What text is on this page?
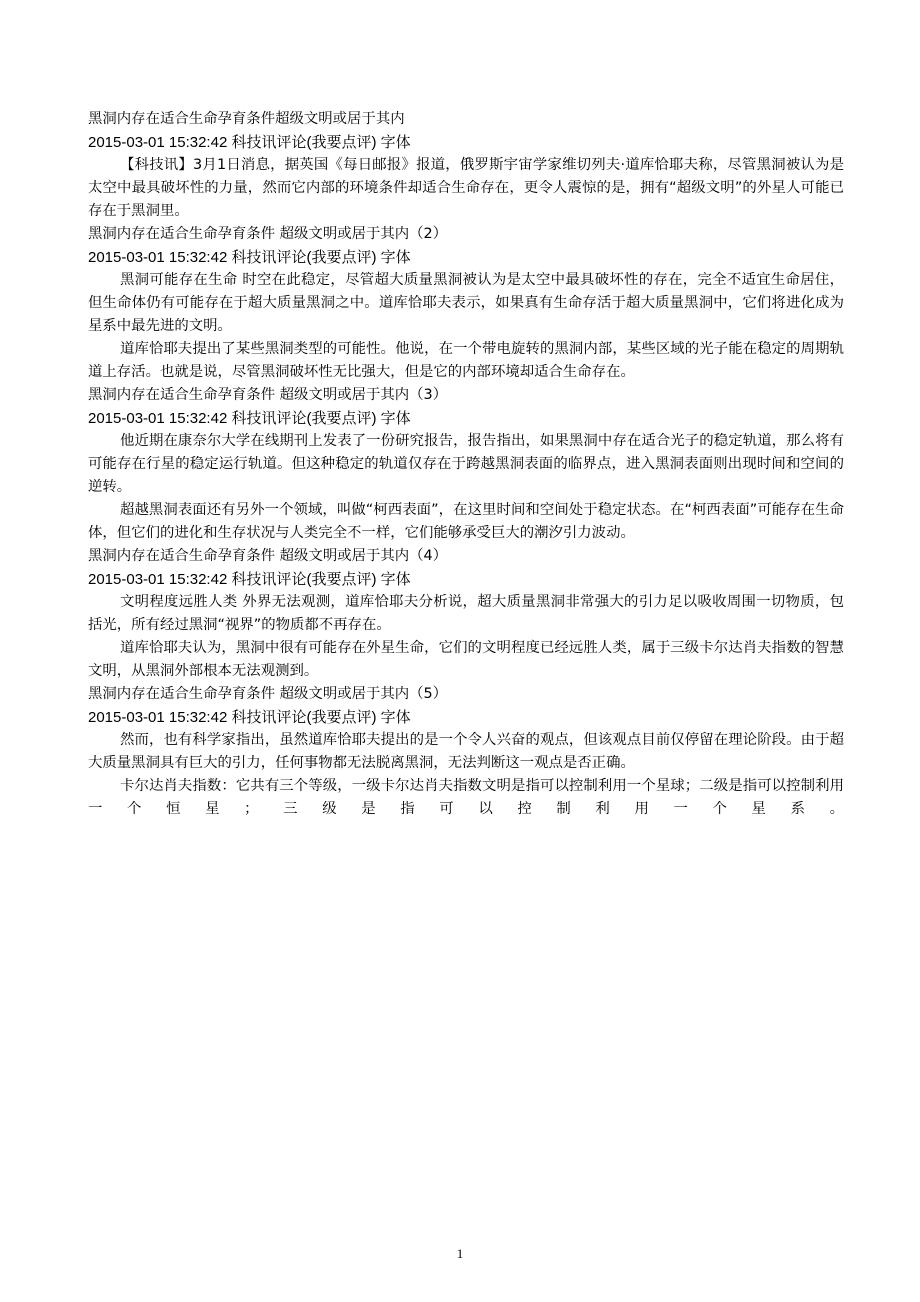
黑洞内存在适合生命孕育条件超级文明或居于其内
2015-03-01 15:32:42 科技讯评论(我要点评) 字体

【科技讯】3月1日消息，据英国《每日邮报》报道，俄罗斯宇宙学家维切列夫·道库恰耶夫称，尽管黑洞被认为是太空中最具破坏性的力量，然而它内部的环境条件却适合生命存在，更令人震惊的是，拥有“超级文明”的外星人可能已存在于黑洞里。

黑洞内存在适合生命孕育条件 超级文明或居于其内（2）
2015-03-01 15:32:42 科技讯评论(我要点评) 字体

黑洞可能存在生命 时空在此稳定，尽管超大质量黑洞被认为是太空中最具破坏性的存在，完全不适宜生命居住，但生命体仍有可能存在于超大质量黑洞之中。道库恰耶夫表示，如果真有生命存活于超大质量黑洞中，它们将进化成为星系中最先进的文明。

道库恰耶夫提出了某些黑洞类型的可能性。他说，在一个带电旋转的黑洞内部，某些区域的光子能在稳定的周期轨道上存活。也就是说，尽管黑洞破坏性无比强大，但是它的内部环境却适合生命存在。

黑洞内存在适合生命孕育条件 超级文明或居于其内（3）
2015-03-01 15:32:42 科技讯评论(我要点评) 字体

他近期在康奈尔大学在线期刊上发表了一份研究报告，报告指出，如果黑洞中存在适合光子的稳定轨道，那么将有可能存在行星的稳定运行轨道。但这种稳定的轨道仅存在于跨越黑洞表面的临界点，进入黑洞表面则出现时间和空间的逆转。

超越黑洞表面还有另外一个领域，叫做“柯西表面”，在这里时间和空间处于稳定状态。在“柯西表面”可能存在生命体，但它们的进化和生存状况与人类完全不一样，它们能够承受巨大的潮汐引力波动。

黑洞内存在适合生命孕育条件 超级文明或居于其内（4）
2015-03-01 15:32:42 科技讯评论(我要点评) 字体

文明程度远胜人类 外界无法观测，道库恰耶夫分析说，超大质量黑洞非常强大的引力足以吸收周围一切物质，包括光，所有经过黑洞“视界”的物质都不再存在。

道库恰耶夫认为，黑洞中很有可能存在外星生命，它们的文明程度已经远胜人类，属于三级卡尔达肖夫指数的智慧文明，从黑洞外部根本无法观测到。

黑洞内存在适合生命孕育条件 超级文明或居于其内（5）
2015-03-01 15:32:42 科技讯评论(我要点评) 字体

然而，也有科学家指出，虽然道库恰耶夫提出的是一个令人兴奋的观点，但该观点目前仅停留在理论阶段。由于超大质量黑洞具有巨大的引力，任何事物都无法脱离黑洞，无法判断这一观点是否正确。

卡尔达肖夫指数：它共有三个等级，一级卡尔达肖夫指数文明是指可以控制利用一个星球；二级是指可以控制利用一个恒星；三级是指可以控制利用一个星系。

1
